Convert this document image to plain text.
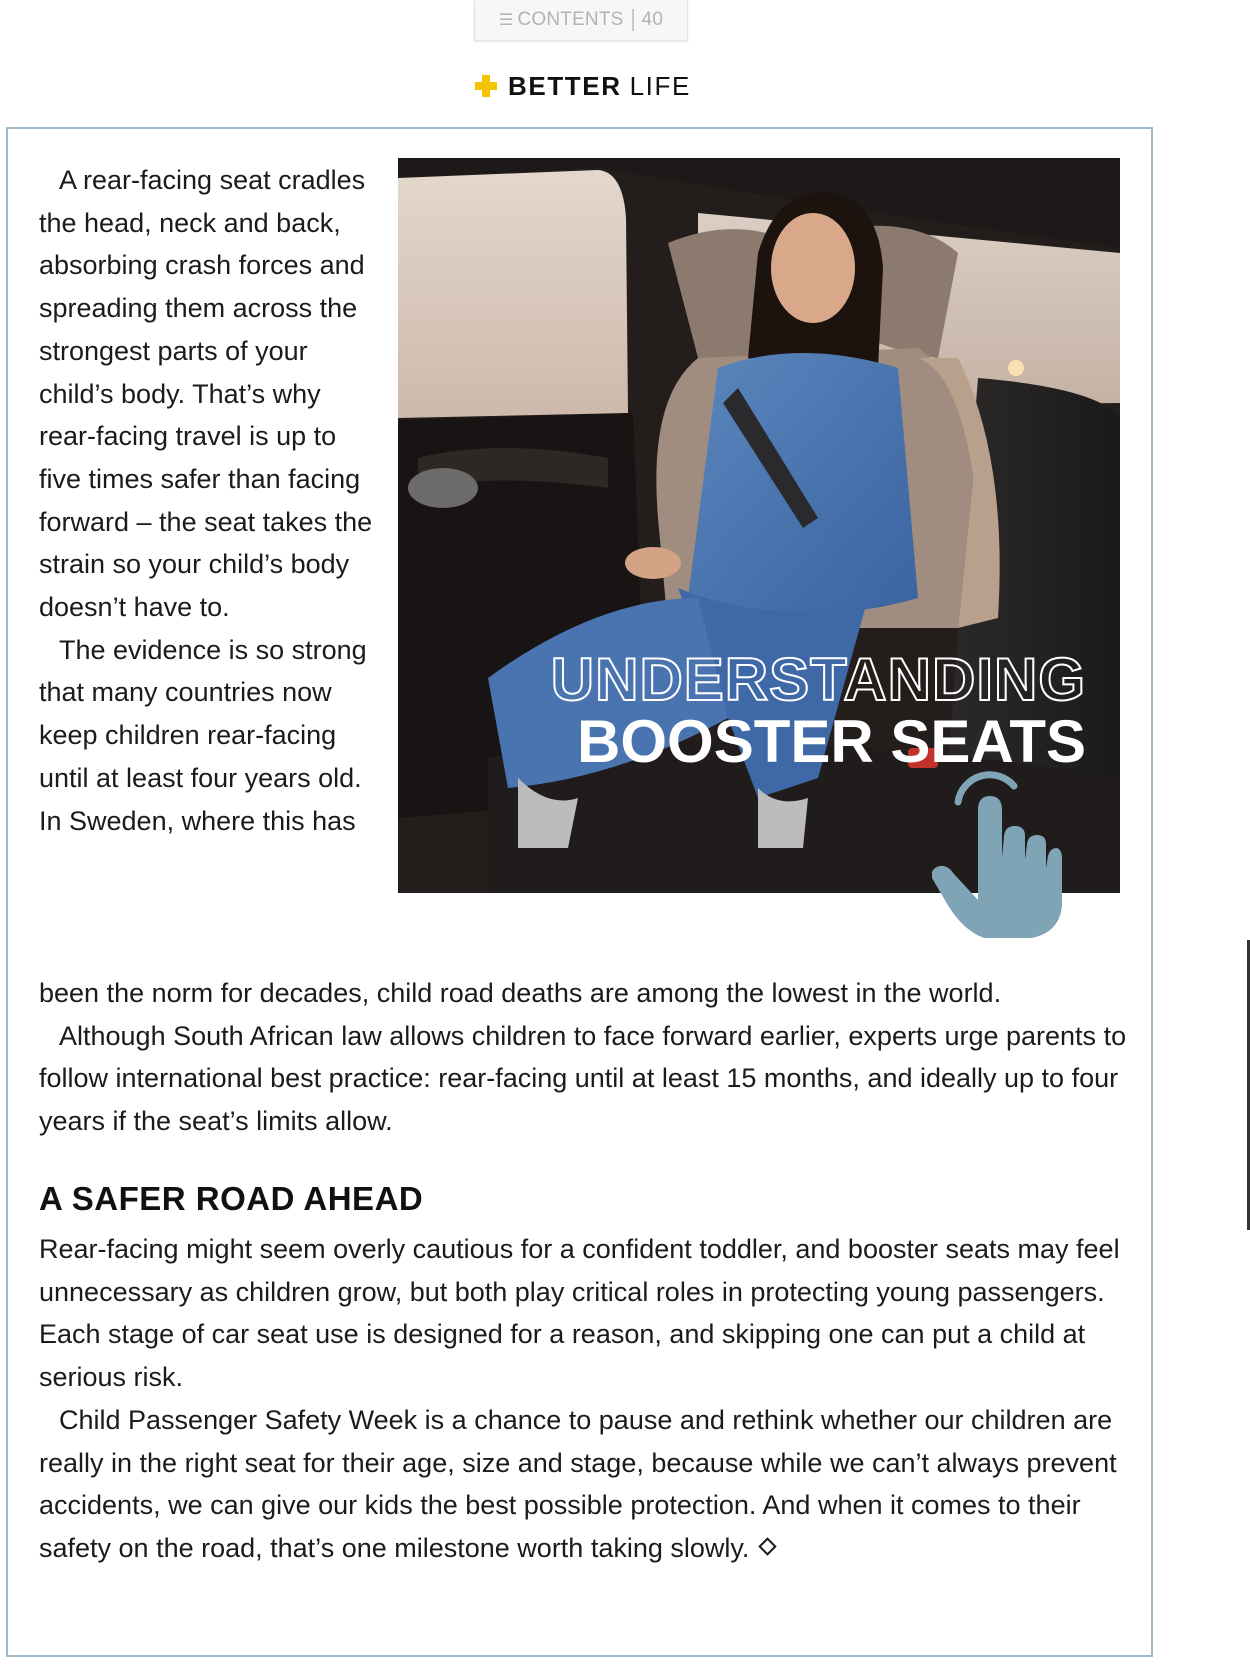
☰ CONTENTS 40
BETTER LIFE

A rear-facing seat cradles the head, neck and back, absorbing crash forces and spreading them across the strongest parts of your child’s body. That’s why rear-facing travel is up to five times safer than facing forward – the seat takes the strain so your child’s body doesn’t have to.

The evidence is so strong that many countries now keep children rear-facing until at least four years old. In Sweden, where this has

been the norm for decades, child road deaths are among the lowest in the world.

Although South African law allows children to face forward earlier, experts urge parents to follow international best practice: rear-facing until at least 15 months, and ideally up to four years if the seat’s limits allow.

A SAFER ROAD AHEAD

Rear-facing might seem overly cautious for a confident toddler, and booster seats may feel unnecessary as children grow, but both play critical roles in protecting young passengers. Each stage of car seat use is designed for a reason, and skipping one can put a child at serious risk.

Child Passenger Safety Week is a chance to pause and rethink whether our children are really in the right seat for their age, size and stage, because while we can’t always prevent accidents, we can give our kids the best possible protection. And when it comes to their safety on the road, that’s one milestone worth taking slowly.

UNDERSTANDING
BOOSTER SEATS
